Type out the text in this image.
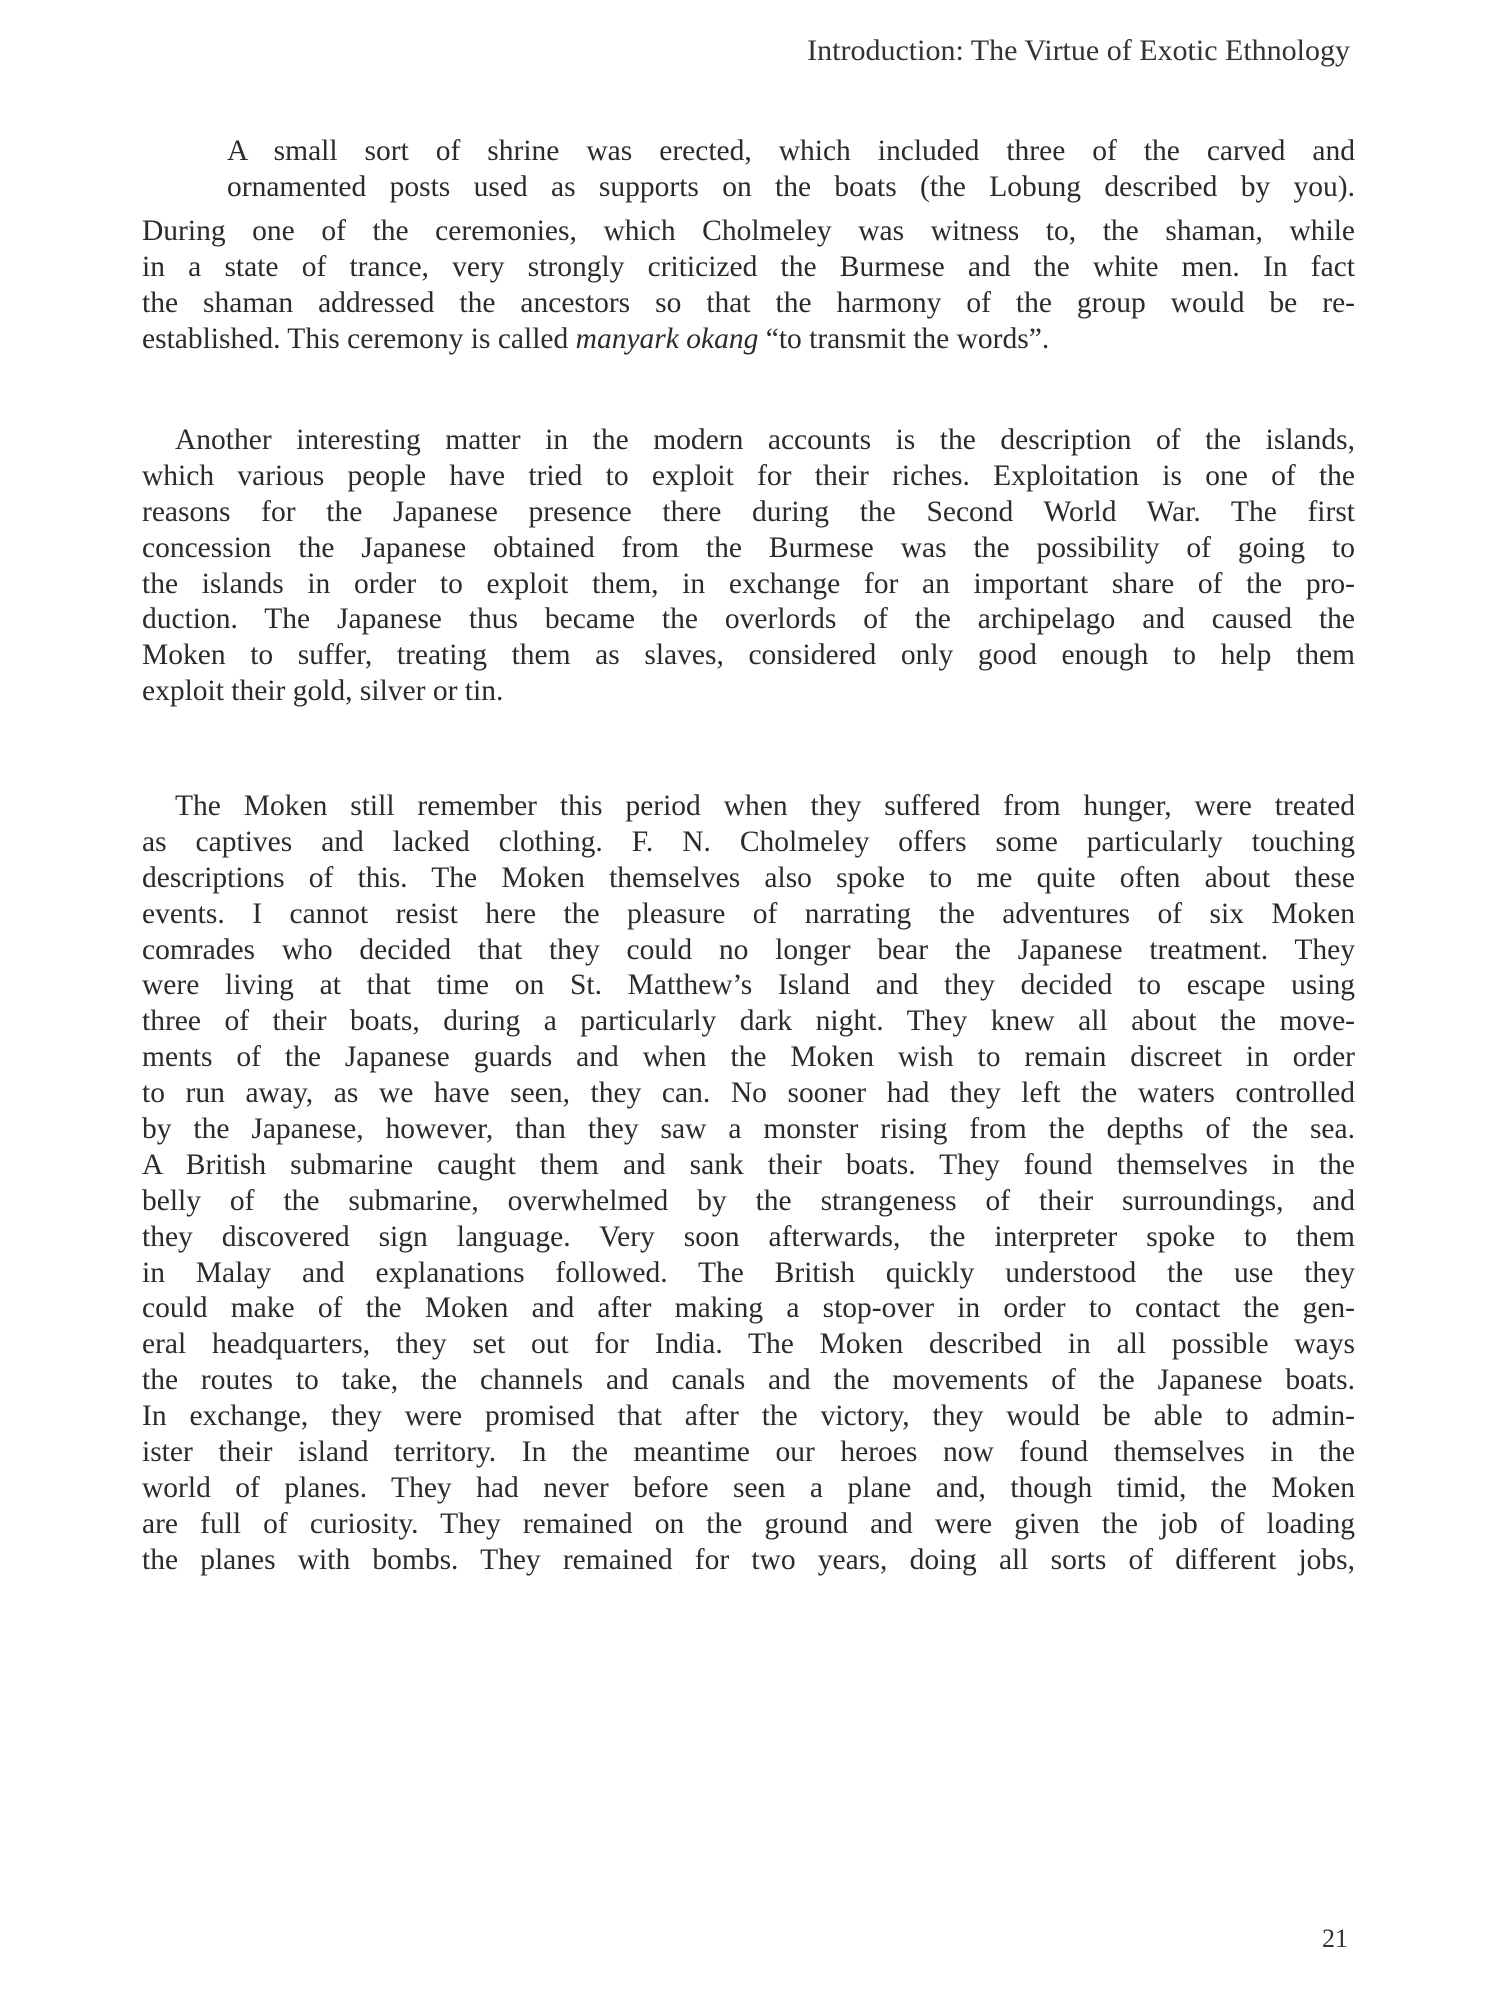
Introduction: The Virtue of Exotic Ethnology
A small sort of shrine was erected, which included three of the carved and
ornamented posts used as supports on the boats (the Lobung described by you).
During one of the ceremonies, which Cholmeley was witness to, the shaman, while
in a state of trance, very strongly criticized the Burmese and the white men. In fact
the shaman addressed the ancestors so that the harmony of the group would be re-
established. This ceremony is called manyark okang “to transmit the words”.
Another interesting matter in the modern accounts is the description of the islands,
which various people have tried to exploit for their riches. Exploitation is one of the
reasons for the Japanese presence there during the Second World War. The first
concession the Japanese obtained from the Burmese was the possibility of going to
the islands in order to exploit them, in exchange for an important share of the pro-
duction. The Japanese thus became the overlords of the archipelago and caused the
Moken to suffer, treating them as slaves, considered only good enough to help them
exploit their gold, silver or tin.
The Moken still remember this period when they suffered from hunger, were treated
as captives and lacked clothing. F. N. Cholmeley offers some particularly touching
descriptions of this. The Moken themselves also spoke to me quite often about these
events. I cannot resist here the pleasure of narrating the adventures of six Moken
comrades who decided that they could no longer bear the Japanese treatment. They
were living at that time on St. Matthew’s Island and they decided to escape using
three of their boats, during a particularly dark night. They knew all about the move-
ments of the Japanese guards and when the Moken wish to remain discreet in order
to run away, as we have seen, they can. No sooner had they left the waters controlled
by the Japanese, however, than they saw a monster rising from the depths of the sea.
A British submarine caught them and sank their boats. They found themselves in the
belly of the submarine, overwhelmed by the strangeness of their surroundings, and
they discovered sign language. Very soon afterwards, the interpreter spoke to them
in Malay and explanations followed. The British quickly understood the use they
could make of the Moken and after making a stop-over in order to contact the gen-
eral headquarters, they set out for India. The Moken described in all possible ways
the routes to take, the channels and canals and the movements of the Japanese boats.
In exchange, they were promised that after the victory, they would be able to admin-
ister their island territory. In the meantime our heroes now found themselves in the
world of planes. They had never before seen a plane and, though timid, the Moken
are full of curiosity. They remained on the ground and were given the job of loading
the planes with bombs. They remained for two years, doing all sorts of different jobs,
21
